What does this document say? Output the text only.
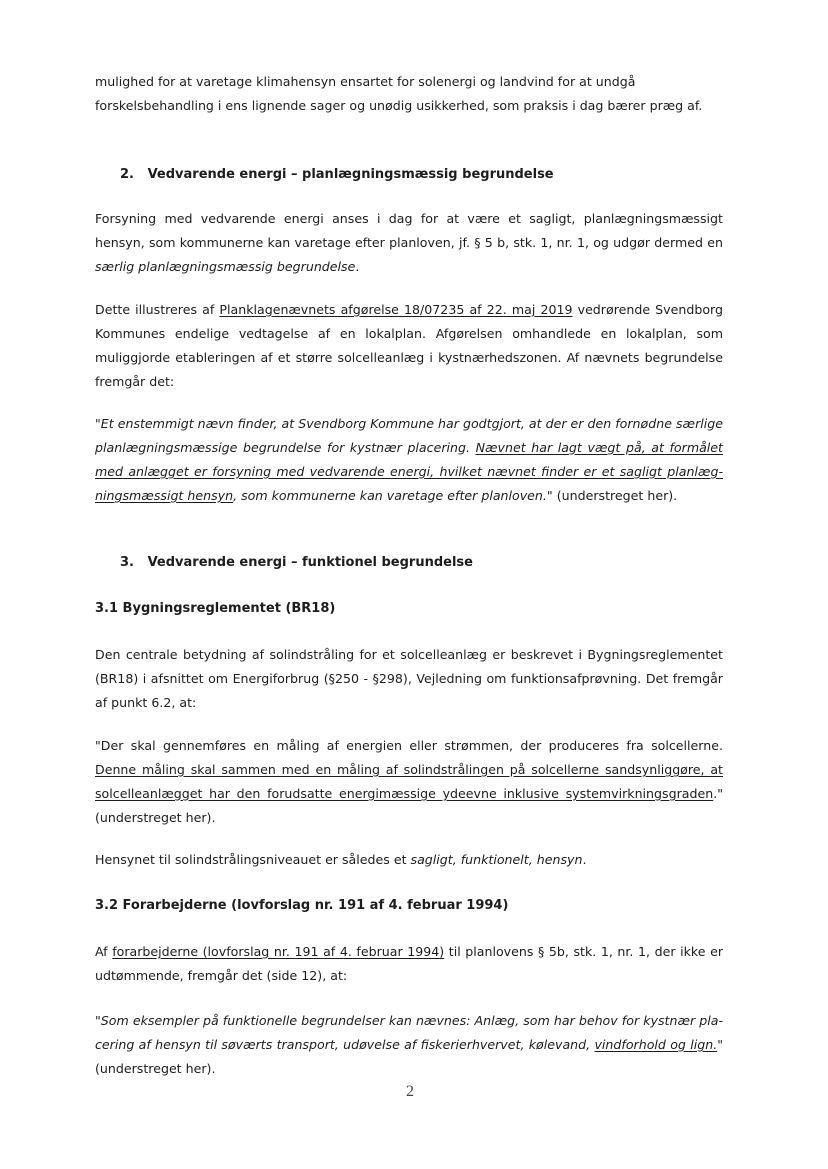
mulighed for at varetage klimahensyn ensartet for solenergi og landvind for at undgå
forskelsbehandling i ens lignende sager og unødig usikkerhed, som praksis i dag bærer præg af.
2. Vedvarende energi – planlægningsmæssig begrundelse
Forsyning med vedvarende energi anses i dag for at være et sagligt, planlægningsmæssigt hensyn, som kommunerne kan varetage efter planloven, jf. § 5 b, stk. 1, nr. 1, og udgør dermed en særlig planlægningsmæssig begrundelse.
Dette illustreres af Planklagenævnets afgørelse 18/07235 af 22. maj 2019 vedrørende Svendborg Kommunes endelige vedtagelse af en lokalplan. Afgørelsen omhandlede en lokalplan, som muliggjorde etableringen af et større solcelleanlæg i kystnærhedszonen. Af nævnets begrundelse fremgår det:
"Et enstemmigt nævn finder, at Svendborg Kommune har godtgjort, at der er den fornødne særlige planlægningsmæssige begrundelse for kystnær placering. Nævnet har lagt vægt på, at formålet med anlægget er forsyning med vedvarende energi, hvilket nævnet finder er et sagligt planlæg-ningsmæssigt hensyn, som kommunerne kan varetage efter planloven." (understreget her).
3. Vedvarende energi – funktionel begrundelse
3.1 Bygningsreglementet (BR18)
Den centrale betydning af solindstråling for et solcelleanlæg er beskrevet i Bygningsreglementet (BR18) i afsnittet om Energiforbrug (§250 - §298), Vejledning om funktionsafprøvning. Det fremgår af punkt 6.2, at:
"Der skal gennemføres en måling af energien eller strømmen, der produceres fra solcellerne. Denne måling skal sammen med en måling af solindstrålingen på solcellerne sandsynliggøre, at solcelleanlægget har den forudsatte energimæssige ydeevne inklusive systemvirkningsgraden." (understreget her).
Hensynet til solindstrålingsniveauet er således et sagligt, funktionelt, hensyn.
3.2 Forarbejderne (lovforslag nr. 191 af 4. februar 1994)
Af forarbejderne (lovforslag nr. 191 af 4. februar 1994) til planlovens § 5b, stk. 1, nr. 1, der ikke er udtømmende, fremgår det (side 12), at:
"Som eksempler på funktionelle begrundelser kan nævnes: Anlæg, som har behov for kystnær pla-cering af hensyn til søværts transport, udøvelse af fiskerierhvervet, kølevand, vindforhold og lign." (understreget her).
2
